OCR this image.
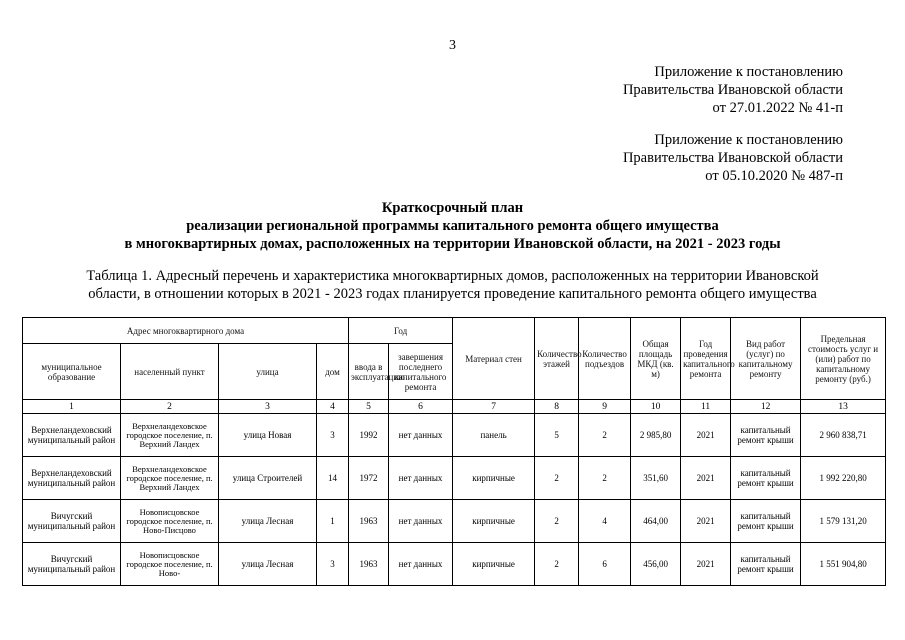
3
Приложение к постановлению
Правительства Ивановской области
от 27.01.2022 № 41-п
Приложение к постановлению
Правительства Ивановской области
от 05.10.2020 № 487-п
Краткосрочный план
реализации региональной программы капитального ремонта общего имущества
в многоквартирных домах, расположенных на территории Ивановской области, на 2021 - 2023 годы
Таблица 1. Адресный перечень и характеристика многоквартирных домов, расположенных на территории Ивановской
области, в отношении которых в 2021 - 2023 годах планируется проведение капитального ремонта общего имущества
Адрес многоквартирного дома				Год		Материал стен	Количество этажей	Количество подъездов	Общая площадь МКД (кв. м)	Год проведения капитального ремонта	Вид работ (услуг) по капитальному ремонту	Предельная стоимость услуг и (или) работ по капитальному ремонту (руб.)
муниципальное образование	населенный пункт	улица	дом	ввода в эксплуатацию	завершения последнего капитального ремонта							
1	2	3	4	5	6	7	8	9	10	11	12	13
Верхнеландеховский муниципальный район	Верхнеландеховское городское поселение, п. Верхний Ландех	улица Новая	3	1992	нет данных	панель	5	2	2 985,80	2021	капитальный ремонт крыши	2 960 838,71
Верхнеландеховский муниципальный район	Верхнеландеховское городское поселение, п. Верхний Ландех	улица Строителей	14	1972	нет данных	кирпичные	2	2	351,60	2021	капитальный ремонт крыши	1 992 220,80
Вичугский муниципальный район	Новописцовское городское поселение, п. Ново-Писцово	улица Лесная	1	1963	нет данных	кирпичные	2	4	464,00	2021	капитальный ремонт крыши	1 579 131,20
Вичугский муниципальный район	Новописцовское городское поселение, п. Ново-	улица Лесная	3	1963	нет данных	кирпичные	2	6	456,00	2021	капитальный ремонт крыши	1 551 904,80
